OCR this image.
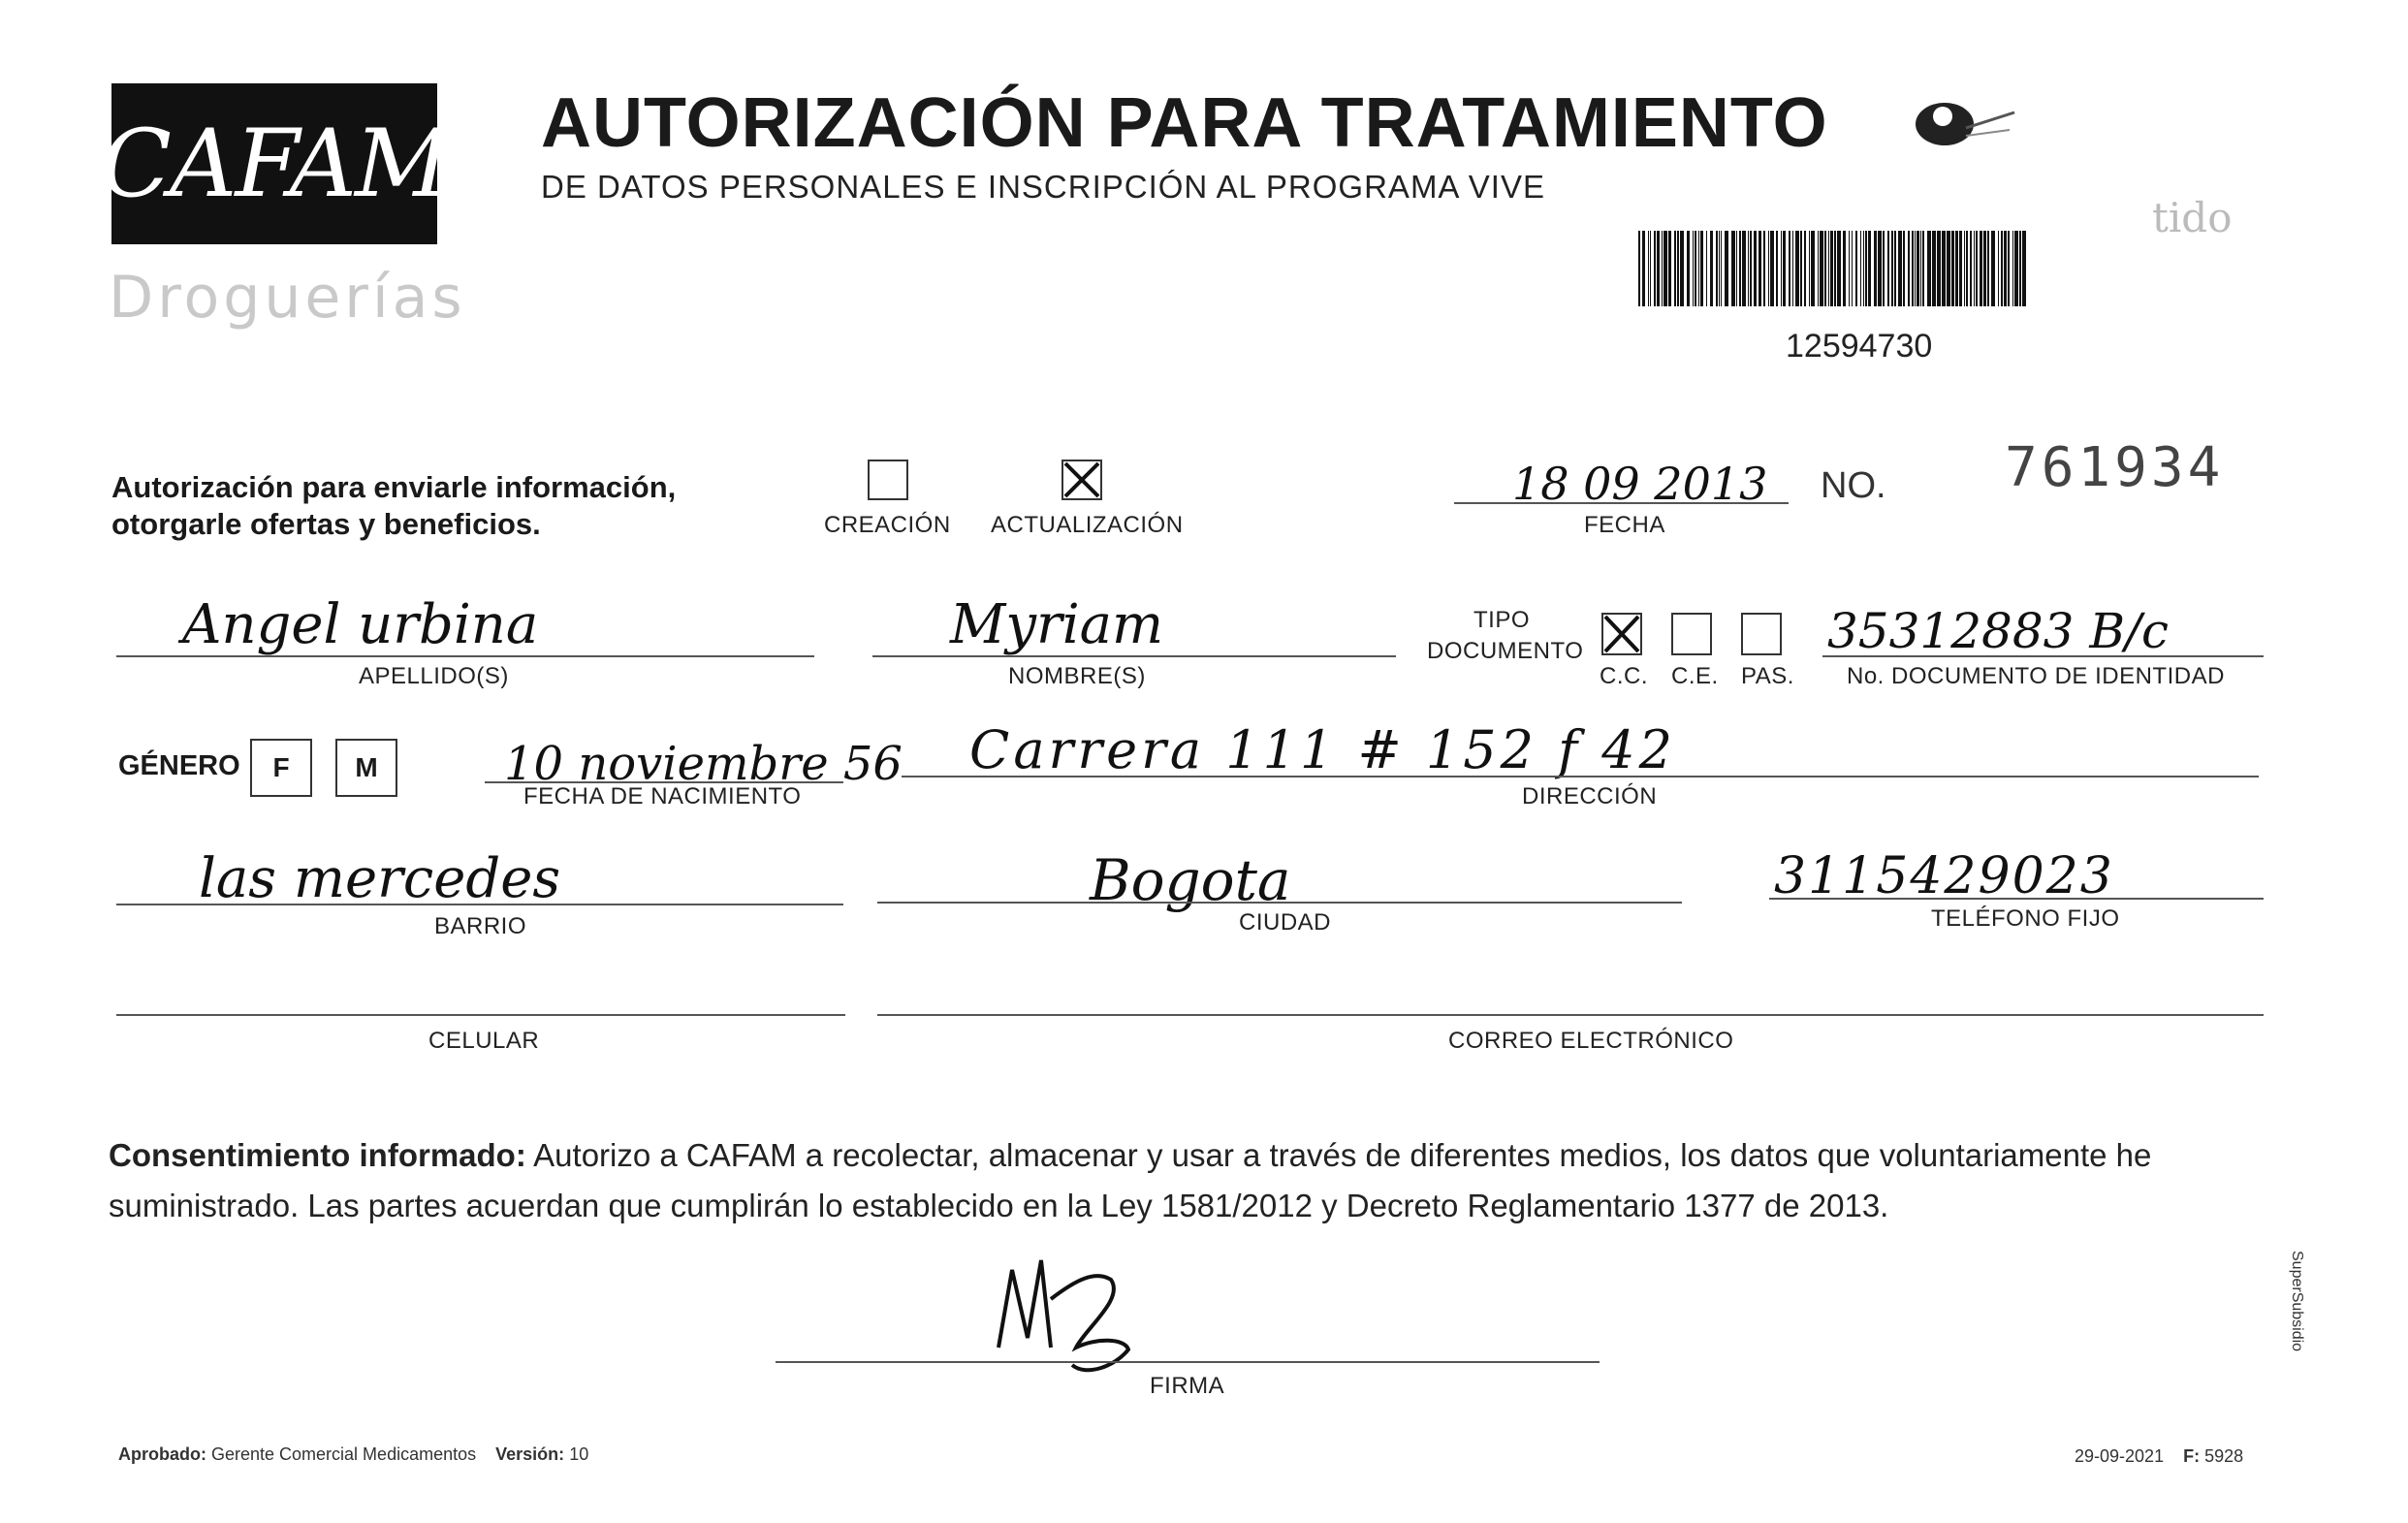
CAFAM
Droguerías
AUTORIZACIÓN PARA TRATAMIENTO
DE DATOS PERSONALES E INSCRIPCIÓN AL PROGRAMA VIVE
12594730
tido
Autorización para enviarle información,
otorgarle ofertas y beneficios.	CREACIÓN ACTUALIZACIÓN
18 09 2013
FECHA
NO. 761934
Angel urbina
APELLIDO(S)
Myriam
NOMBRE(S)
TIPO
DOCUMENTO
C.C. C.E. PAS.
35312883 B/c
No. DOCUMENTO DE IDENTIDAD
GÉNERO F M	10 noviembre 56
FECHA DE NACIMIENTO
Carrera 111 # 152 f 42
DIRECCIÓN
las mercedes
BARRIO
Bogota
CIUDAD
3115429023
TELÉFONO FIJO
CELULAR	CORREO ELECTRÓNICO
Consentimiento informado: Autorizo a CAFAM a recolectar, almacenar y usar a través de diferentes medios, los datos que voluntariamente he suministrado. Las partes acuerdan que cumplirán lo establecido en la Ley 1581/2012 y Decreto Reglamentario 1377 de 2013.
FIRMA
Aprobado: Gerente Comercial Medicamentos Versión: 10	29-09-2021 F: 5928
SuperSubsidio
